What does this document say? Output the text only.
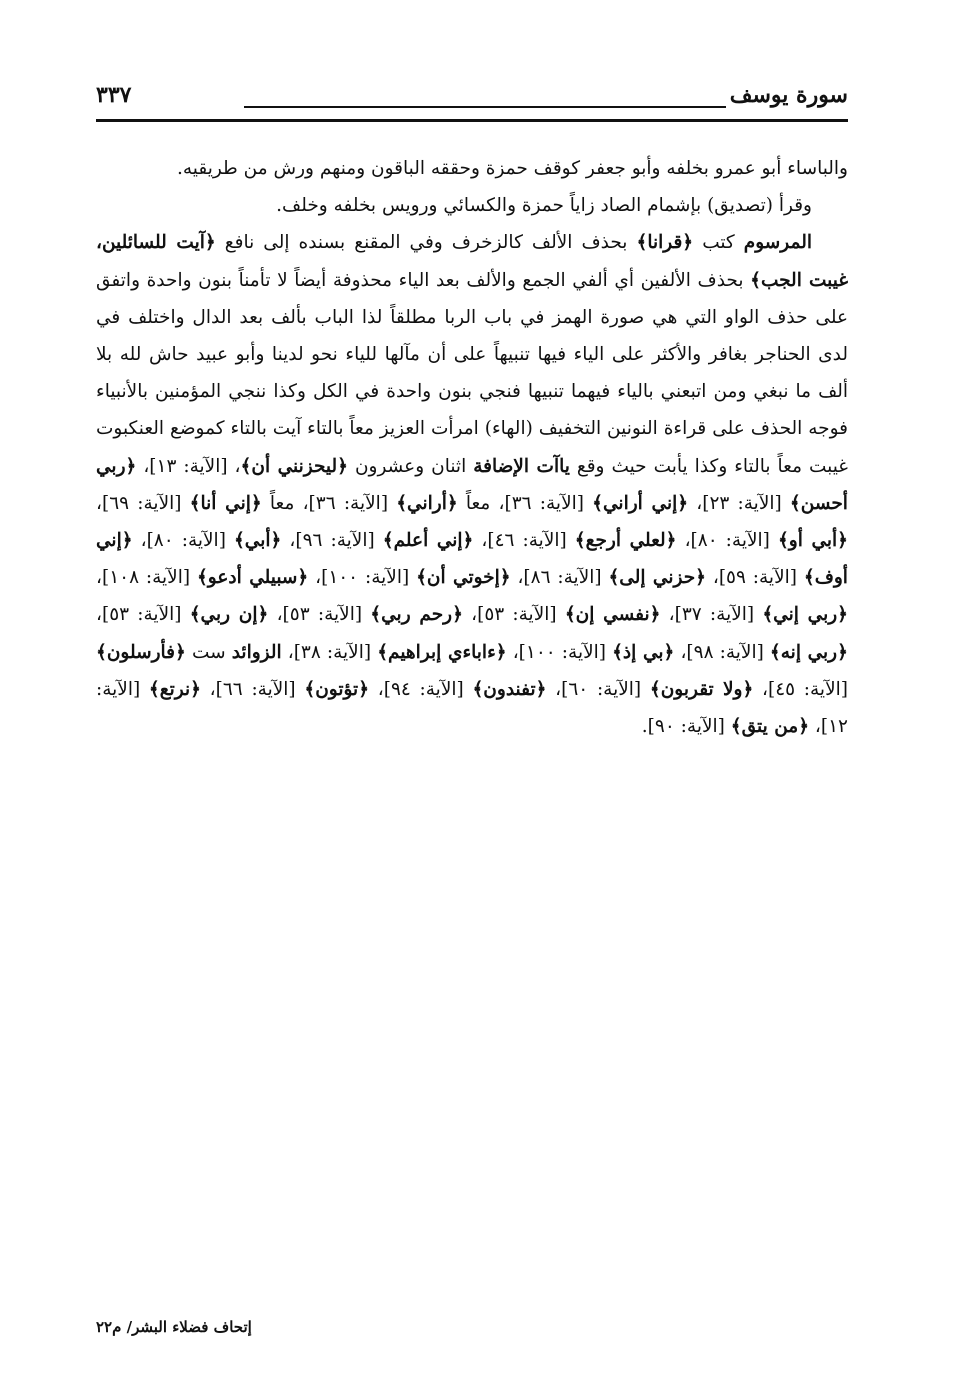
سورة يوسف
٣٣٧

والباساء أبو عمرو بخلفه وأبو جعفر كوقف حمزة وحققه الباقون ومنهم ورش من طريقيه.

وقرأ (تصديق) بإشمام الصاد زاياً حمزة والكسائي ورويس بخلفه وخلف.

المرسوم كتب ﴿قرانا﴾ بحذف الألف كالزخرف وفي المقنع بسنده إلى نافع ﴿آيت للسائلين، غيبت الجب﴾ بحذف الألفين أي ألفي الجمع والألف بعد الياء محذوفة أيضاً لا تأمناً بنون واحدة واتفق على حذف الواو التي هي صورة الهمز في باب الربا مطلقاً لذا الباب بألف بعد الدال واختلف في لدى الحناجر بغافر والأكثر على الياء فيها تنبيهاً على أن مآلها للياء نحو لدينا وأبو عبيد حاش لله بلا ألف ما نبغي ومن اتبعني بالياء فيهما تنبيها فنجي بنون واحدة في الكل وكذا ننجي المؤمنين بالأنبياء فوجه الحذف على قراءة النونين التخفيف (الهاء) امرأت العزيز معاً بالتاء آيت بالتاء كموضع العنكبوت غيبت معاً بالتاء وكذا يأبت حيث وقع ياآت الإضافة اثنان وعشرون ﴿ليحزنني أن﴾، [الآية: ١٣]، ﴿ربي أحسن﴾ [الآية: ٢٣]، ﴿إني أراني﴾ [الآية: ٣٦]، معاً ﴿أراني﴾ [الآية: ٣٦]، معاً ﴿إني أنا﴾ [الآية: ٦٩]، ﴿أبي أو﴾ [الآية: ٨٠]، ﴿لعلي أرجع﴾ [الآية: ٤٦]، ﴿إني أعلم﴾ [الآية: ٩٦]، ﴿أبي﴾ [الآية: ٨٠]، ﴿إني أوف﴾ [الآية: ٥٩]، ﴿حزني إلى﴾ [الآية: ٨٦]، ﴿إخوتي أن﴾ [الآية: ١٠٠]، ﴿سبيلي أدعو﴾ [الآية: ١٠٨]، ﴿ربي إني﴾ [الآية: ٣٧]، ﴿نفسي إن﴾ [الآية: ٥٣]، ﴿رحم ربي﴾ [الآية: ٥٣]، ﴿إن ربي﴾ [الآية: ٥٣]، ﴿ربي إنه﴾ [الآية: ٩٨]، ﴿بي إذ﴾ [الآية: ١٠٠]، ﴿ءاباءي إبراهيم﴾ [الآية: ٣٨]، الزوائد ست ﴿فأرسلون﴾ [الآية: ٤٥]، ﴿ولا تقربون﴾ [الآية: ٦٠]، ﴿تفندون﴾ [الآية: ٩٤]، ﴿تؤتون﴾ [الآية: ٦٦]، ﴿نرتع﴾ [الآية: ١٢]، ﴿من يتق﴾ [الآية: ٩٠].

إتحاف فضلاء البشر/ م٢٢
